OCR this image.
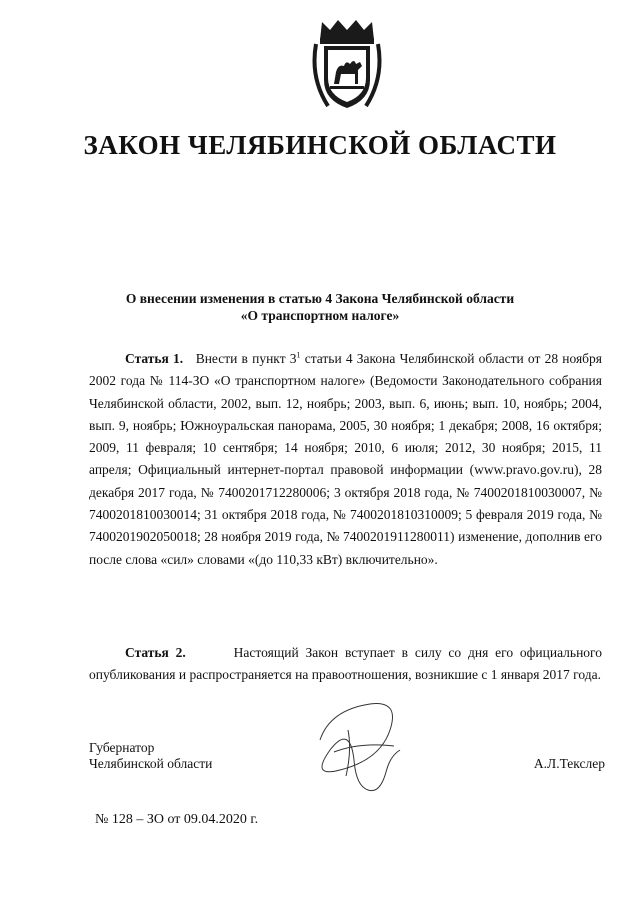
ЗАКОН ЧЕЛЯБИНСКОЙ ОБЛАСТИ
О внесении изменения в статью 4 Закона Челябинской области
«О транспортном налоге»
Статья 1. Внести в пункт $3^1$ статьи 4 Закона Челябинской области от 28 ноября 2002 года № 114-ЗО «О транспортном налоге» (Ведомости Законодательного собрания Челябинской области, 2002, вып. 12, ноябрь; 2003, вып. 6, июнь; вып. 10, ноябрь; 2004, вып. 9, ноябрь; Южноуральская панорама, 2005, 30 ноября; 1 декабря; 2008, 16 октября; 2009, 11 февраля; 10 сентября; 14 ноября; 2010, 6 июля; 2012, 30 ноября; 2015, 11 апреля; Официальный интернет-портал правовой информации (www.pravo.gov.ru), 28 декабря 2017 года, № 7400201712280006; 3 октября 2018 года, № 7400201810030007, № 7400201810030014; 31 октября 2018 года, № 7400201810310009; 5 февраля 2019 года, № 7400201902050018; 28 ноября 2019 года, № 7400201911280011) изменение, дополнив его после слова «сил» словами «(до 110,33 кВт) включительно».
Статья 2.	Настоящий Закон вступает в силу со дня его официального опубликования и распространяется на правоотношения, возникшие с 1 января 2017 года.
Губернатор
Челябинской области	А.Л.Текслер
№ 128 – ЗО от 09.04.2020 г.
